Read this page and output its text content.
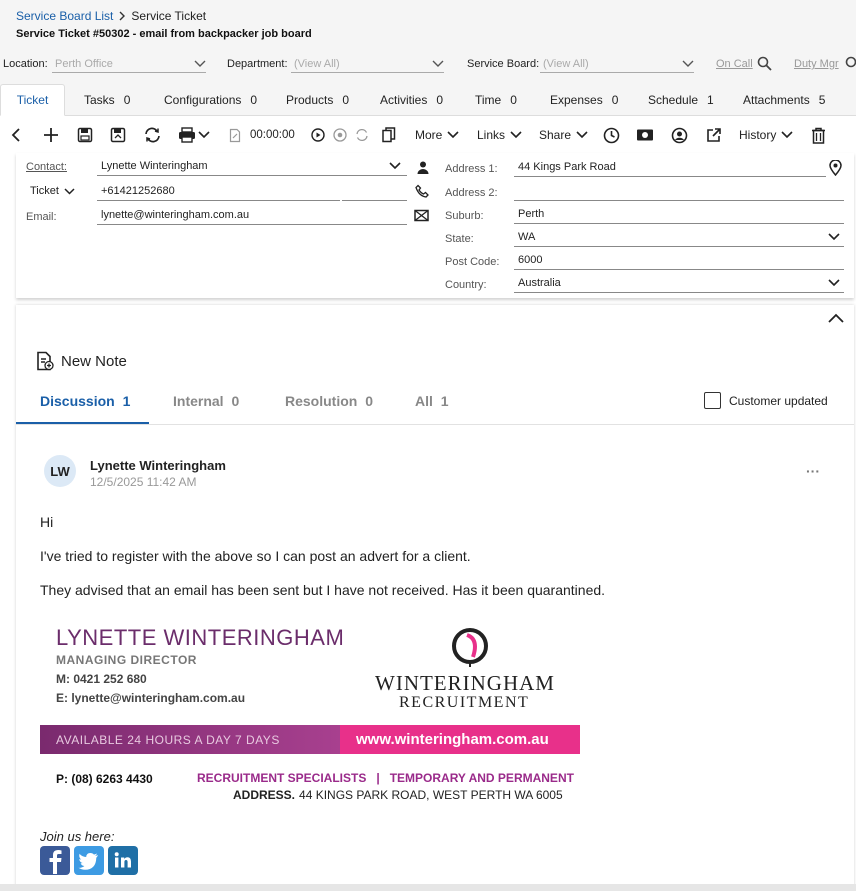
Service Board List Service Ticket
Service Ticket #50302 - email from backpacker job board
Location: Perth Office	Department: (View All)	Service Board: (View All)	On Call	Duty Mgr
Ticket	Tasks 0	Configurations 0 Products 0	Activities 0	Time 0	Expenses 0 Schedule 1 Attachments 5
00:00:00	More	Links	Share	History
Contact:	Lynette Winteringham
Ticket	+61421252680
Email:	lynette@winteringham.com.au
Address 1: 44 Kings Park Road
Address 2:
Suburb:	Perth
State:	WA
Post Code: 6000
Country:	Australia
New Note
Discussion 1	Internal 0	Resolution 0	All 1	Customer updated
LW	Lynette Winteringham
12/5/2025 11:42 AM
···
Hi
I've tried to register with the above so I can post an advert for a client.
They advised that an email has been sent but I have not received. Has it been quarantined.
LYNETTE WINTERINGHAM
MANAGING DIRECTOR
M: 0421 252 680
E: lynette@winteringham.com.au
WINTERINGHAM
RECRUITMENT
AVAILABLE 24 HOURS A DAY 7 DAYS	www.winteringham.com.au
P: (08) 6263 4430	RECRUITMENT SPECIALISTS   |   TEMPORARY AND PERMANENT
ADDRESS. 44 KINGS PARK ROAD, WEST PERTH WA 6005
Join us here:
